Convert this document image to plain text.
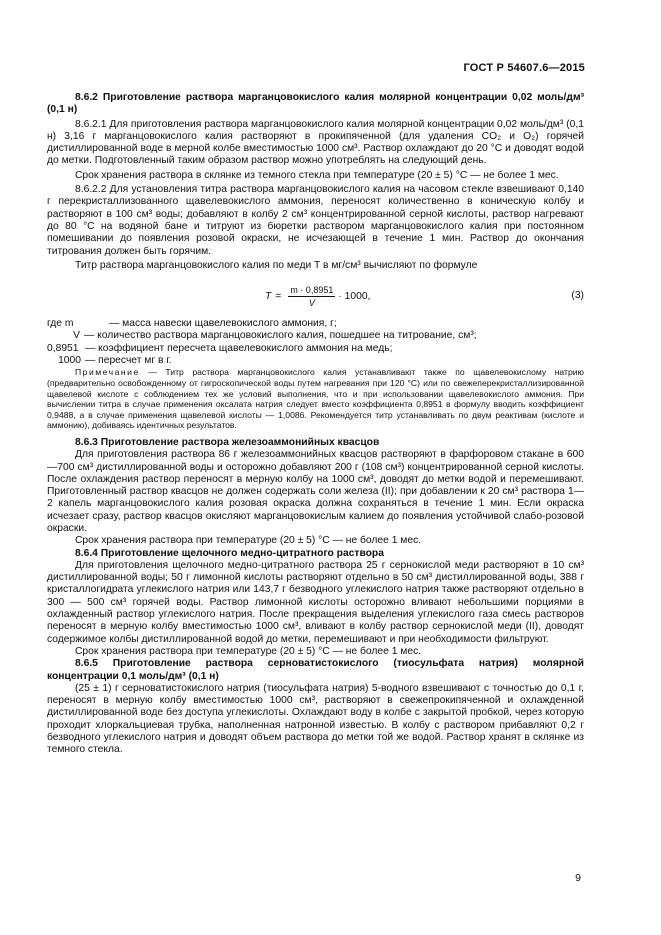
ГОСТ Р 54607.6—2015

8.6.2 Приготовление раствора марганцовокислого калия молярной концентрации 0,02 моль/дм³ (0,1 н)

8.6.2.1 Для приготовления раствора марганцовокислого калия молярной концентрации 0,02 моль/дм³ (0,1 н) 3,16 г марганцовокислого калия растворяют в прокипяченной (для удаления CO₂ и O₂) горячей дистиллированной воде в мерной колбе вместимостью 1000 см³. Раствор охлаждают до 20 °С и доводят водой до метки. Подготовленный таким образом раствор можно употреблять на следующий день.

Срок хранения раствора в склянке из темного стекла при температуре (20 ± 5) °С — не более 1 мес.

8.6.2.2 Для установления титра раствора марганцовокислого калия на часовом стекле взвешивают 0,140 г перекристаллизованного щавелевокислого аммония, переносят количественно в коническую колбу и растворяют в 100 см³ воды; добавляют в колбу 2 см³ концентрированной серной кислоты, раствор нагревают до 80 °С на водяной бане и титруют из бюретки раствором марганцовокислого калия при постоянном помешивании до появления розовой окраски, не исчезающей в течение 1 мин. Раствор до окончания титрования должен быть горячим.

Титр раствора марганцовокислого калия по меди T в мг/см³ вычисляют по формуле

$T = \frac{m \cdot 0,8951}{V} \cdot 1000$,	(3)
где m	— масса навески щавелевокислого аммония, г;
V — количество раствора марганцовокислого калия, пошедшее на титрование, см³;
0,8951 — коэффициент пересчета щавелевокислого аммония на медь;
1000 — пересчет мг в г.

Примечание — Титр раствора марганцовокислого калия устанавливают также по щавелевокислому натрию (предварительно освобожденному от гигроскопической воды путем нагревания при 120 °С) или по свежеперекристаллизированной щавелевой кислоте с соблюдением тех же условий выполнения, что и при использовании щавелевокислого аммония. При вычислении титра в случае применения оксалата натрия следует вместо коэффициента 0,8951 в формулу вводить коэффициент 0,9488, а в случае применения щавелевой кислоты — 1,0086. Рекомендуется титр устанавливать по двум реактивам (кислоте и аммонию), добиваясь идентичных результатов.

8.6.3 Приготовление раствора железоаммонийных квасцов

Для приготовления раствора 86 г железоаммонийных квасцов растворяют в фарфоровом стакане в 600—700 см³ дистиллированной воды и осторожно добавляют 200 г (108 см³) концентрированной серной кислоты. После охлаждения раствор переносят в мерную колбу на 1000 см³, доводят до метки водой и перемешивают. Приготовленный раствор квасцов не должен содержать соли железа (II); при добавлении к 20 см³ раствора 1—2 капель марганцовокислого калия розовая окраска должна сохраняться в течение 1 мин. Если окраска исчезает сразу, раствор квасцов окисляют марганцовокислым калием до появления устойчивой слабо-розовой окраски.

Срок хранения раствора при температуре (20 ± 5) °С — не более 1 мес.

8.6.4 Приготовление щелочного медно-цитратного раствора

Для приготовления щелочного медно-цитратного раствора 25 г сернокислой меди растворяют в 10 см³ дистиллированной воды; 50 г лимонной кислоты растворяют отдельно в 50 см³ дистиллированной воды, 388 г кристаллогидрата углекислого натрия или 143,7 г безводного углекислого натрия также растворяют отдельно в 300 — 500 см³ горячей воды. Раствор лимонной кислоты осторожно вливают небольшими порциями в охлажденный раствор углекислого натрия. После прекращения выделения углекислого газа смесь растворов переносят в мерную колбу вместимостью 1000 см³, вливают в колбу раствор сернокислой меди (II), доводят содержимое колбы дистиллированной водой до метки, перемешивают и при необходимости фильтруют.

Срок хранения раствора при температуре (20 ± 5) °С — не более 1 мес.

8.6.5 Приготовление раствора серноватистокислого (тиосульфата натрия) молярной концентрации 0,1 моль/дм³ (0,1 н)

(25 ± 1) г серноватистокислого натрия (тиосульфата натрия) 5-водного взвешивают с точностью до 0,1 г, переносят в мерную колбу вместимостью 1000 см³, растворяют в свежепрокипяченной и охлажденной дистиллированной воде без доступа углекислоты. Охлаждают воду в колбе с закрытой пробкой, через которую проходит хлоркальциевая трубка, наполненная натронной известью. В колбу с раствором прибавляют 0,2 г безводного углекислого натрия и доводят объем раствора до метки той же водой. Раствор хранят в склянке из темного стекла.

9
